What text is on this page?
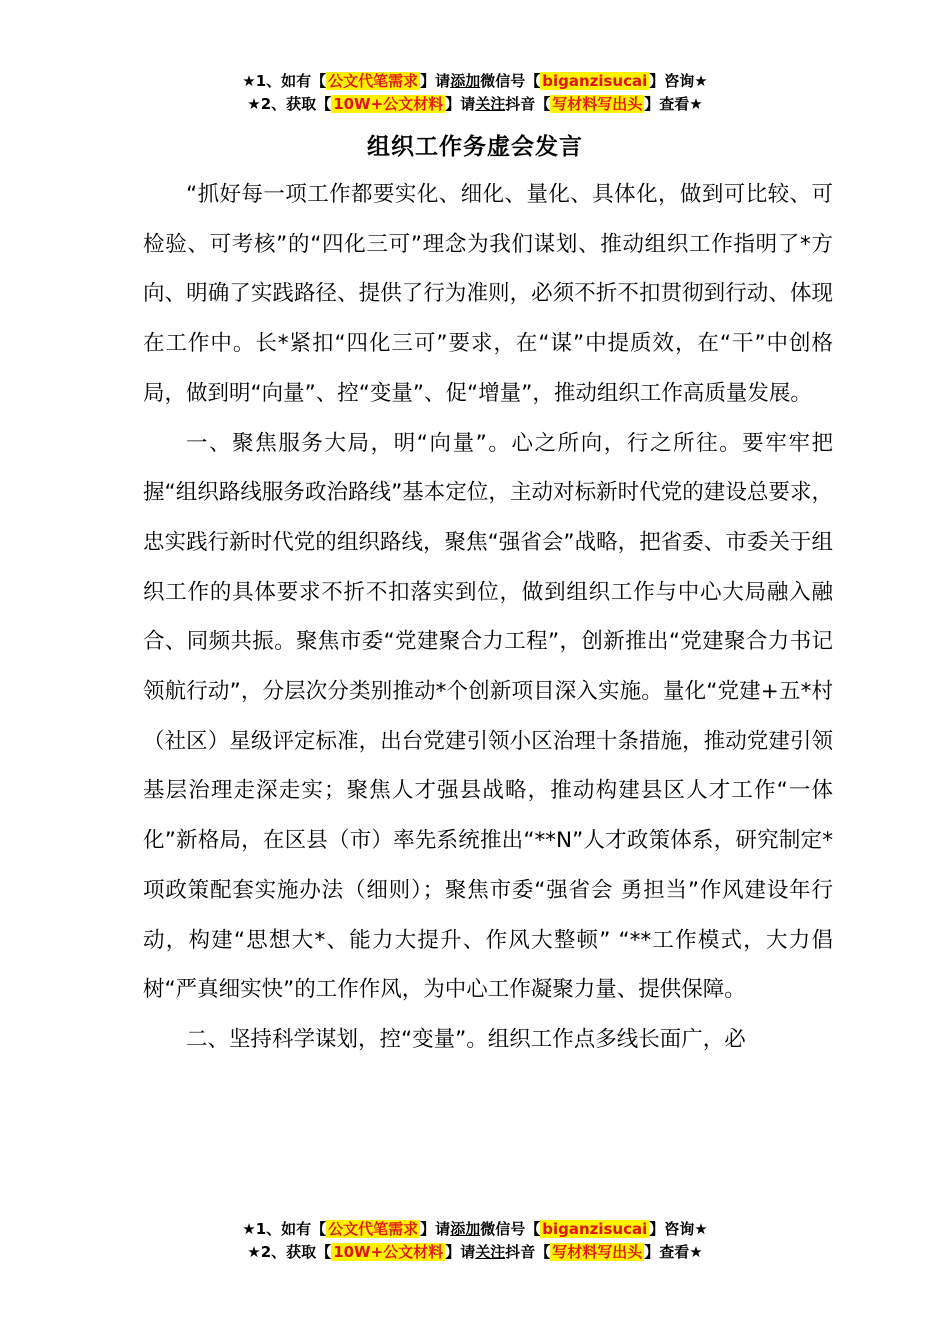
★1、如有【 公文代笔需求 】请添加微信号【 biganzisucai 】咨询★
★2、获取【 10W+公文材料 】请关注抖音【 写材料写出头 】查看★
组织工作务虚会发言

“抓好每一项工作都要实化、细化、量化、具体化，做到可比较、可检验、可考核”的“四化三可”理念为我们谋划、推动组织工作指明了*方向、明确了实践路径、提供了行为准则，必须不折不扣贯彻到行动、体现在工作中。长*紧扣“四化三可”要求，在“谋”中提质效，在“干”中创格局，做到明“向量”、控“变量”、促“增量”，推动组织工作高质量发展。

一、聚焦服务大局，明“向量”。心之所向，行之所往。要牢牢把握“组织路线服务政治路线”基本定位，主动对标新时代党的建设总要求，忠实践行新时代党的组织路线，聚焦“强省会”战略，把省委、市委关于组织工作的具体要求不折不扣落实到位，做到组织工作与中心大局融入融合、同频共振。聚焦市委“党建聚合力工程”，创新推出“党建聚合力书记领航行动”，分层次分类别推动*个创新项目深入实施。量化“党建+五*村（社区）星级评定标准，出台党建引领小区治理十条措施，推动党建引领基层治理走深走实；聚焦人才强县战略，推动构建县区人才工作“一体化”新格局，在区县（市）率先系统推出“**N”人才政策体系，研究制定*项政策配套实施办法（细则）；聚焦市委“强省会 勇担当”作风建设年行动，构建“思想大*、能力大提升、作风大整顿” “**工作模式，大力倡树“严真细实快”的工作作风，为中心工作凝聚力量、提供保障。

二、坚持科学谋划，控“变量”。组织工作点多线长面广，必

★1、如有【 公文代笔需求 】请添加微信号【 biganzisucai 】咨询★
★2、获取【 10W+公文材料 】请关注抖音【 写材料写出头 】查看★
